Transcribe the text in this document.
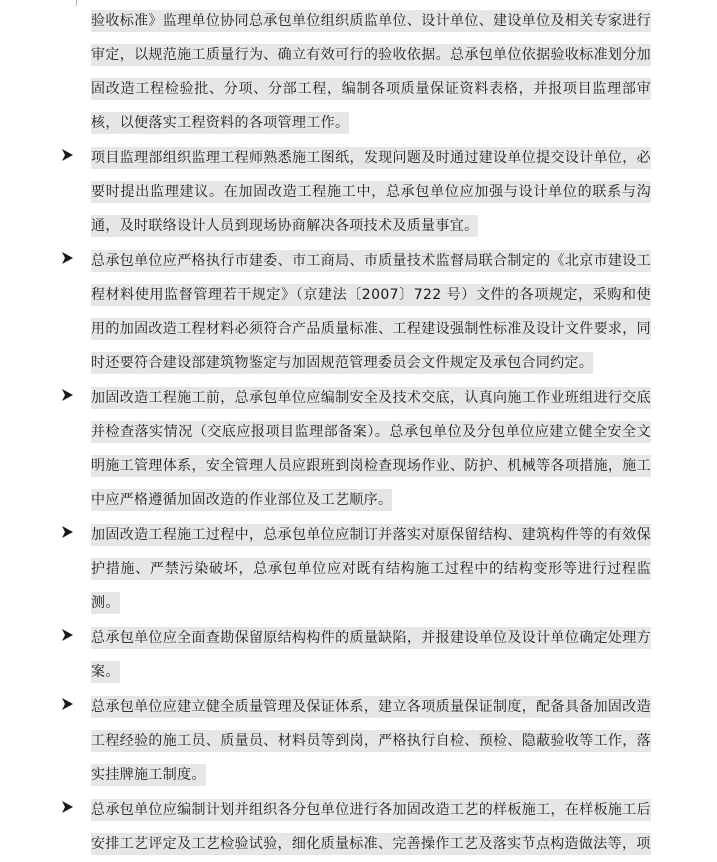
验收标准》监理单位协同总承包单位组织质监单位、设计单位、建设单位及相关专家进行审定，以规范施工质量行为、确立有效可行的验收依据。总承包单位依据验收标准划分加固改造工程检验批、分项、分部工程，编制各项质量保证资料表格，并报项目监理部审核，以便落实工程资料的各项管理工作。

项目监理部组织监理工程师熟悉施工图纸，发现问题及时通过建设单位提交设计单位，必要时提出监理建议。在加固改造工程施工中，总承包单位应加强与设计单位的联系与沟通，及时联络设计人员到现场协商解决各项技术及质量事宜。

总承包单位应严格执行市建委、市工商局、市质量技术监督局联合制定的《北京市建设工程材料使用监督管理若干规定》（京建法〔2007〕722 号）文件的各项规定，采购和使用的加固改造工程材料必须符合产品质量标准、工程建设强制性标准及设计文件要求，同时还要符合建设部建筑物鉴定与加固规范管理委员会文件规定及承包合同约定。

加固改造工程施工前，总承包单位应编制安全及技术交底，认真向施工作业班组进行交底并检查落实情况（交底应报项目监理部备案）。总承包单位及分包单位应建立健全安全文明施工管理体系，安全管理人员应跟班到岗检查现场作业、防护、机械等各项措施，施工中应严格遵循加固改造的作业部位及工艺顺序。

加固改造工程施工过程中，总承包单位应制订并落实对原保留结构、建筑构件等的有效保护措施、严禁污染破坏，总承包单位应对既有结构施工过程中的结构变形等进行过程监测。

总承包单位应全面查勘保留原结构构件的质量缺陷，并报建设单位及设计单位确定处理方案。

总承包单位应建立健全质量管理及保证体系，建立各项质量保证制度，配备具备加固改造工程经验的施工员、质量员、材料员等到岗，严格执行自检、预检、隐蔽验收等工作，落实挂牌施工制度。

总承包单位应编制计划并组织各分包单位进行各加固改造工艺的样板施工，在样板施工后安排工艺评定及工艺检验试验，细化质量标准、完善操作工艺及落实节点构造做法等，项
